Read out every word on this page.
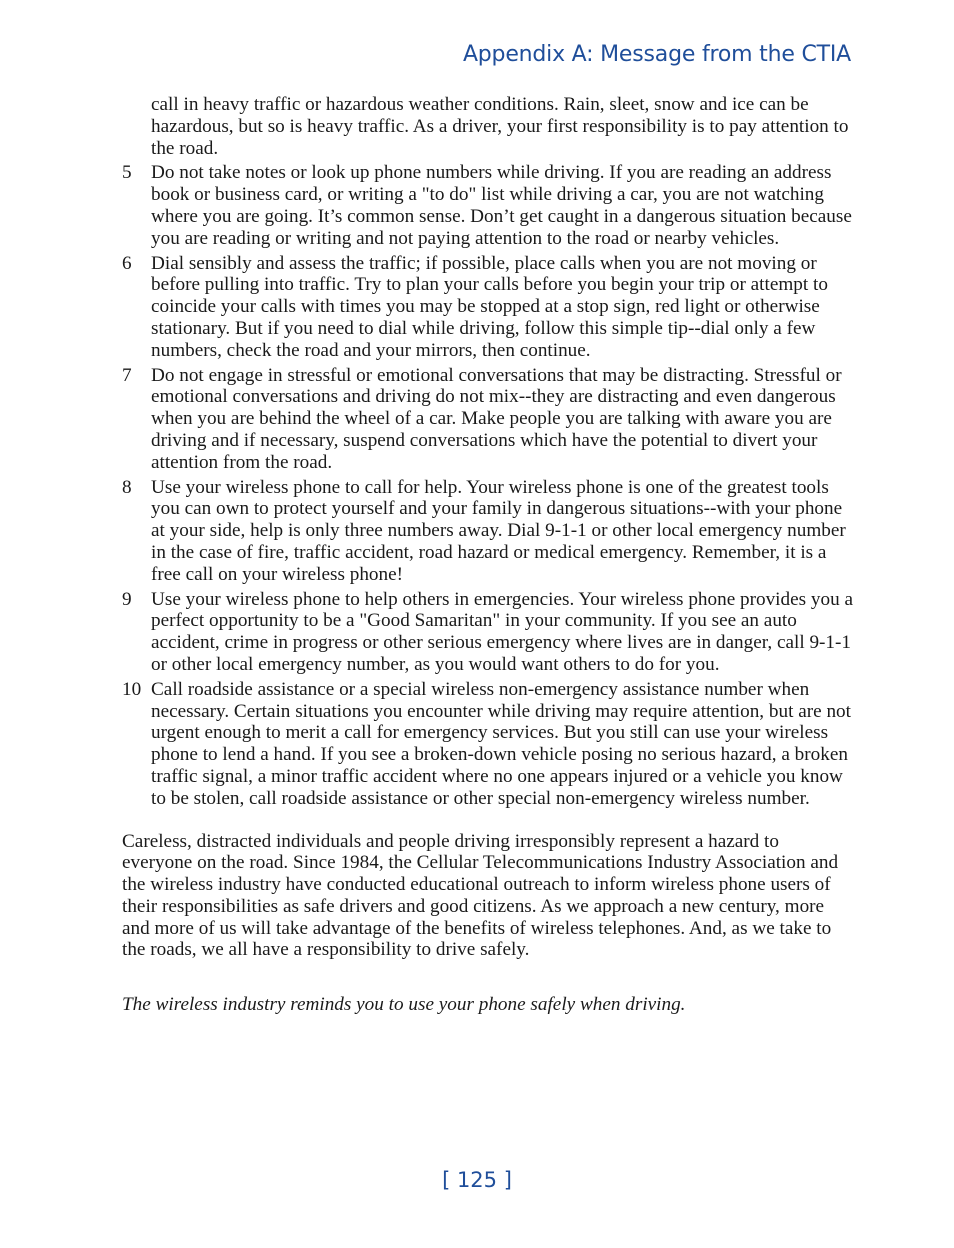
Appendix A: Message from the CTIA
call in heavy traffic or hazardous weather conditions. Rain, sleet, snow and ice can be hazardous, but so is heavy traffic. As a driver, your first responsibility is to pay attention to the road.
5	Do not take notes or look up phone numbers while driving. If you are reading an address book or business card, or writing a "to do" list while driving a car, you are not watching where you are going. It’s common sense. Don’t get caught in a dangerous situation because you are reading or writing and not paying attention to the road or nearby vehicles.
6	Dial sensibly and assess the traffic; if possible, place calls when you are not moving or before pulling into traffic. Try to plan your calls before you begin your trip or attempt to coincide your calls with times you may be stopped at a stop sign, red light or otherwise stationary. But if you need to dial while driving, follow this simple tip--dial only a few numbers, check the road and your mirrors, then continue.
7	Do not engage in stressful or emotional conversations that may be distracting. Stressful or emotional conversations and driving do not mix--they are distracting and even dangerous when you are behind the wheel of a car. Make people you are talking with aware you are driving and if necessary, suspend conversations which have the potential to divert your attention from the road.
8	Use your wireless phone to call for help. Your wireless phone is one of the greatest tools you can own to protect yourself and your family in dangerous situations--with your phone at your side, help is only three numbers away. Dial 9-1-1 or other local emergency number in the case of fire, traffic accident, road hazard or medical emergency. Remember, it is a free call on your wireless phone!
9	Use your wireless phone to help others in emergencies. Your wireless phone provides you a perfect opportunity to be a "Good Samaritan" in your community. If you see an auto accident, crime in progress or other serious emergency where lives are in danger, call 9-1-1 or other local emergency number, as you would want others to do for you.
10 Call roadside assistance or a special wireless non-emergency assistance number when necessary. Certain situations you encounter while driving may require attention, but are not urgent enough to merit a call for emergency services. But you still can use your wireless phone to lend a hand. If you see a broken-down vehicle posing no serious hazard, a broken traffic signal, a minor traffic accident where no one appears injured or a vehicle you know to be stolen, call roadside assistance or other special non-emergency wireless number.
Careless, distracted individuals and people driving irresponsibly represent a hazard to everyone on the road. Since 1984, the Cellular Telecommunications Industry Association and the wireless industry have conducted educational outreach to inform wireless phone users of their responsibilities as safe drivers and good citizens. As we approach a new century, more and more of us will take advantage of the benefits of wireless telephones. And, as we take to the roads, we all have a responsibility to drive safely.
The wireless industry reminds you to use your phone safely when driving.
[ 125 ]
